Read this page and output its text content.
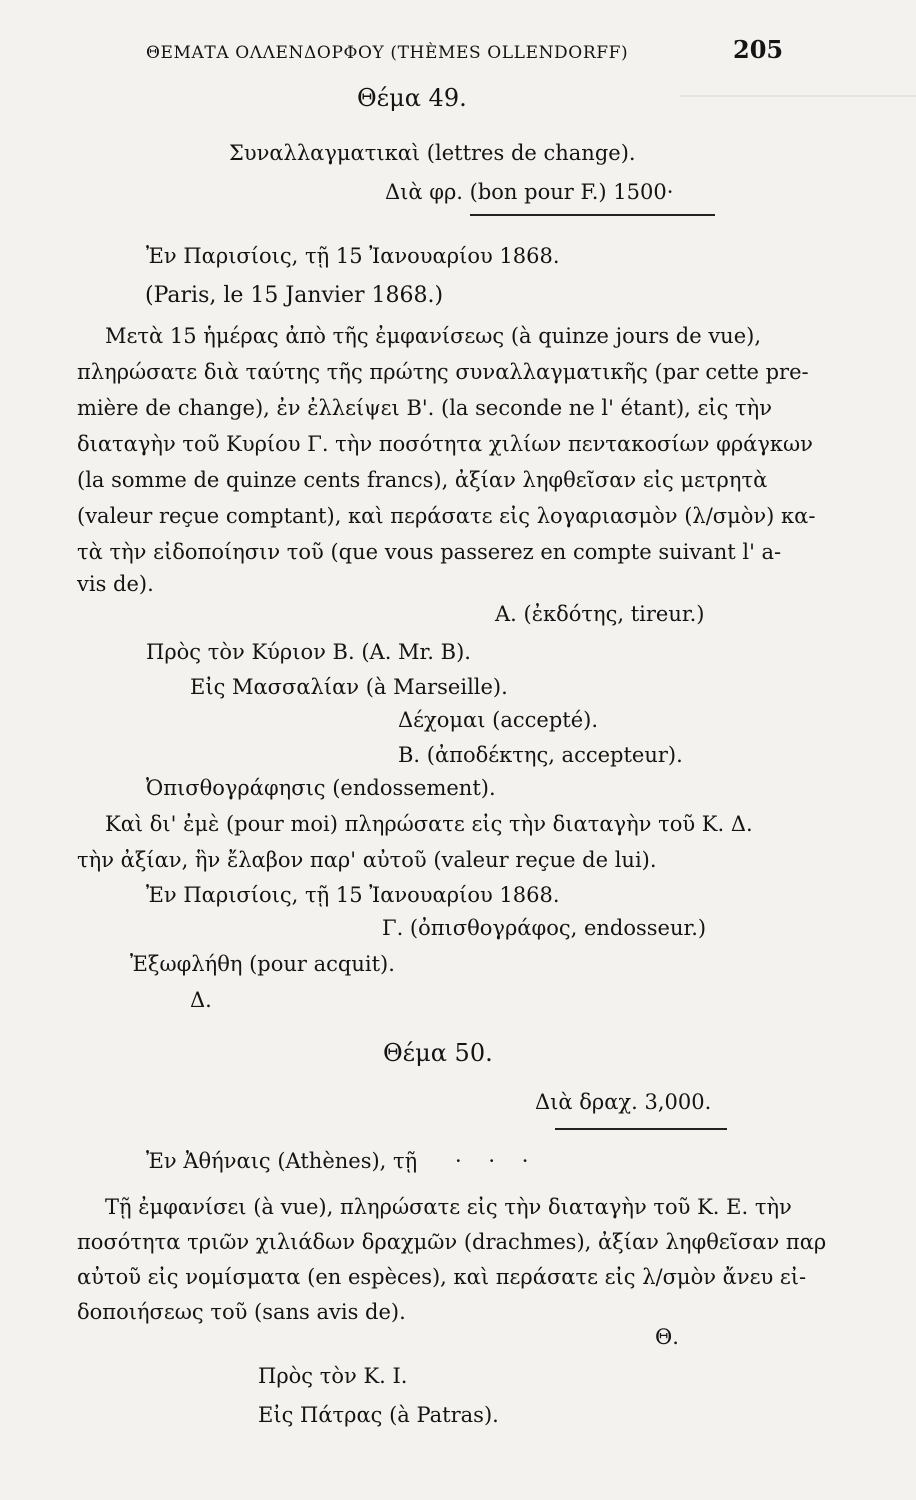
ΘΕΜΑΤΑ ΟΛΛΕΝΔΟΡΦΟΥ (THÈMES OLLENDORFF)	205
Θέμα 49.
Συναλλαγματικαὶ (lettres de change).
Διὰ φρ. (bon pour F.) 1500·
Ἐν Παρισίοις, τῇ 15 Ἰανουαρίου 1868.
(Paris, le 15 Janvier 1868.)
Μετὰ 15 ἡμέρας ἀπὸ τῆς ἐμφανίσεως (à quinze jours de vue),
πληρώσατε διὰ ταύτης τῆς πρώτης συναλλαγματικῆς (par cette pre-
mière de change), ἐν ἐλλείψει Β'. (la seconde ne l' étant), εἰς τὴν
διαταγὴν τοῦ Κυρίου Γ. τὴν ποσότητα χιλίων πεντακοσίων φράγκων
(la somme de quinze cents francs), ἀξίαν ληφθεῖσαν εἰς μετρητὰ
(valeur reçue comptant), καὶ περάσατε εἰς λογαριασμὸν (λ/σμὸν) κα-
τὰ τὴν εἰδοποίησιν τοῦ (que vous passerez en compte suivant l' a-
vis de).
Α. (ἐκδότης, tireur.)
Πρὸς τὸν Κύριον Β. (A. Mr. B).
Εἰς Μασσαλίαν (à Marseille).
Δέχομαι (accepté).
Β. (ἀποδέκτης, accepteur).
Ὀπισθογράφησις (endossement).
Καὶ δι' ἐμὲ (pour moi) πληρώσατε εἰς τὴν διαταγὴν τοῦ Κ. Δ.
τὴν ἀξίαν, ἣν ἔλαβον παρ' αὐτοῦ (valeur reçue de lui).
Ἐν Παρισίοις, τῇ 15 Ἰανουαρίου 1868.
Γ. (ὀπισθογράφος, endosseur.)
Ἐξωφλήθη (pour acquit).
Δ.
Θέμα 50.
Διὰ δραχ. 3,000.
Ἐν Ἀθήναις (Athènes), τῇ · · ·
Τῇ ἐμφανίσει (à vue), πληρώσατε εἰς τὴν διαταγὴν τοῦ Κ. Ε. τὴν
ποσότητα τριῶν χιλιάδων δραχμῶν (drachmes), ἀξίαν ληφθεῖσαν παρ
αὐτοῦ εἰς νομίσματα (en espèces), καὶ περάσατε εἰς λ/σμὸν ἄνευ εἰ-
δοποιήσεως τοῦ (sans avis de).
Θ.
Πρὸς τὸν Κ. Ι.
Εἰς Πάτρας (à Patras).
